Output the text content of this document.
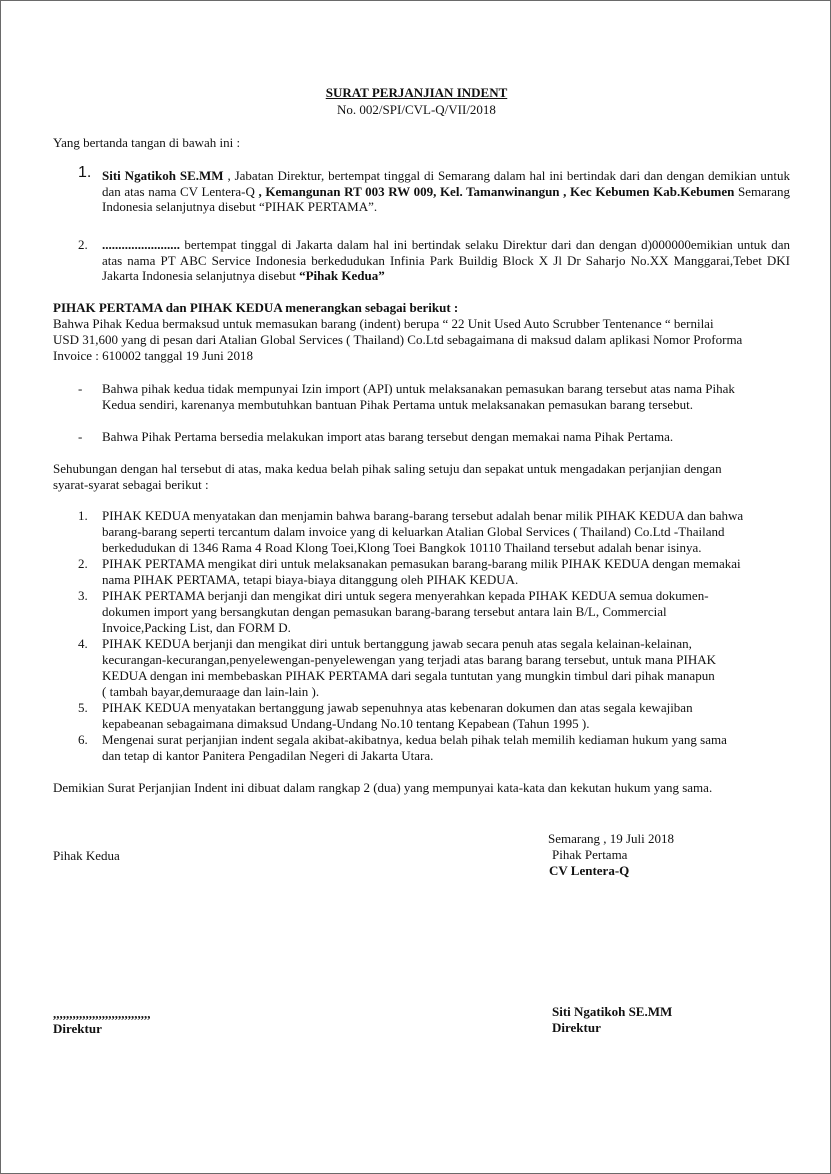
SURAT PERJANJIAN INDENT
No. 002/SPI/CVL-Q/VII/2018
Yang bertanda tangan di bawah ini :
1. Siti Ngatikoh SE.MM , Jabatan Direktur, bertempat tinggal di Semarang dalam hal ini bertindak dari dan dengan demikian untuk dan atas nama CV Lentera-Q , Kemangunan RT 003 RW 009, Kel. Tamanwinangun , Kec Kebumen Kab.Kebumen Semarang Indonesia selanjutnya disebut “PIHAK PERTAMA”.
2. ........................ bertempat tinggal di Jakarta dalam hal ini bertindak selaku Direktur dari dan dengan d)000000emikian untuk dan atas nama PT ABC Service Indonesia berkedudukan Infinia Park Buildig Block X Jl Dr Saharjo No.XX Manggarai,Tebet DKI Jakarta Indonesia selanjutnya disebut “Pihak Kedua”
PIHAK PERTAMA dan PIHAK KEDUA menerangkan sebagai berikut :
Bahwa Pihak Kedua bermaksud untuk memasukan barang (indent) berupa “ 22 Unit Used Auto Scrubber Tentenance “ bernilai
USD 31,600 yang di pesan dari Atalian Global Services ( Thailand) Co.Ltd sebagaimana di maksud dalam aplikasi Nomor Proforma
Invoice : 610002 tanggal 19 Juni 2018
- Bahwa pihak kedua tidak mempunyai Izin import (API) untuk melaksanakan pemasukan barang tersebut atas nama Pihak
Kedua sendiri, karenanya membutuhkan bantuan Pihak Pertama untuk melaksanakan pemasukan barang tersebut.
- Bahwa Pihak Pertama bersedia melakukan import atas barang tersebut dengan memakai nama Pihak Pertama.
Sehubungan dengan hal tersebut di atas, maka kedua belah pihak saling setuju dan sepakat untuk mengadakan perjanjian dengan
syarat-syarat sebagai berikut :
1. PIHAK KEDUA menyatakan dan menjamin bahwa barang-barang tersebut adalah benar milik PIHAK KEDUA dan bahwa
barang-barang seperti tercantum dalam invoice yang di keluarkan Atalian Global Services ( Thailand) Co.Ltd -Thailand
berkedudukan di 1346 Rama 4 Road Klong Toei,Klong Toei Bangkok 10110 Thailand tersebut adalah benar isinya.
2. PIHAK PERTAMA mengikat diri untuk melaksanakan pemasukan barang-barang milik PIHAK KEDUA dengan memakai
nama PIHAK PERTAMA, tetapi biaya-biaya ditanggung oleh PIHAK KEDUA.
3. PIHAK PERTAMA berjanji dan mengikat diri untuk segera menyerahkan kepada PIHAK KEDUA semua dokumen-
dokumen import yang bersangkutan dengan pemasukan barang-barang tersebut antara lain B/L, Commercial
Invoice,Packing List, dan FORM D.
4. PIHAK KEDUA berjanji dan mengikat diri untuk bertanggung jawab secara penuh atas segala kelainan-kelainan,
kecurangan-kecurangan,penyelewengan-penyelewengan yang terjadi atas barang barang tersebut, untuk mana PIHAK
KEDUA dengan ini membebaskan PIHAK PERTAMA dari segala tuntutan yang mungkin timbul dari pihak manapun
( tambah bayar,demuraage dan lain-lain ).
5. PIHAK KEDUA menyatakan bertanggung jawab sepenuhnya atas kebenaran dokumen dan atas segala kewajiban
kepabeanan sebagaimana dimaksud Undang-Undang No.10 tentang Kepabean (Tahun 1995 ).
6. Mengenai surat perjanjian indent segala akibat-akibatnya, kedua belah pihak telah memilih kediaman hukum yang sama
dan tetap di kantor Panitera Pengadilan Negeri di Jakarta Utara.
Demikian Surat Perjanjian Indent ini dibuat dalam rangkap 2 (dua) yang mempunyai kata-kata dan kekutan hukum yang sama.
Semarang , 19 Juli 2018
Pihak Kedua	Pihak Pertama
CV Lentera-Q
,,,,,,,,,,,,,,,,,,,,,,,,,,,,,,
Direktur
Siti Ngatikoh SE.MM
Direktur
